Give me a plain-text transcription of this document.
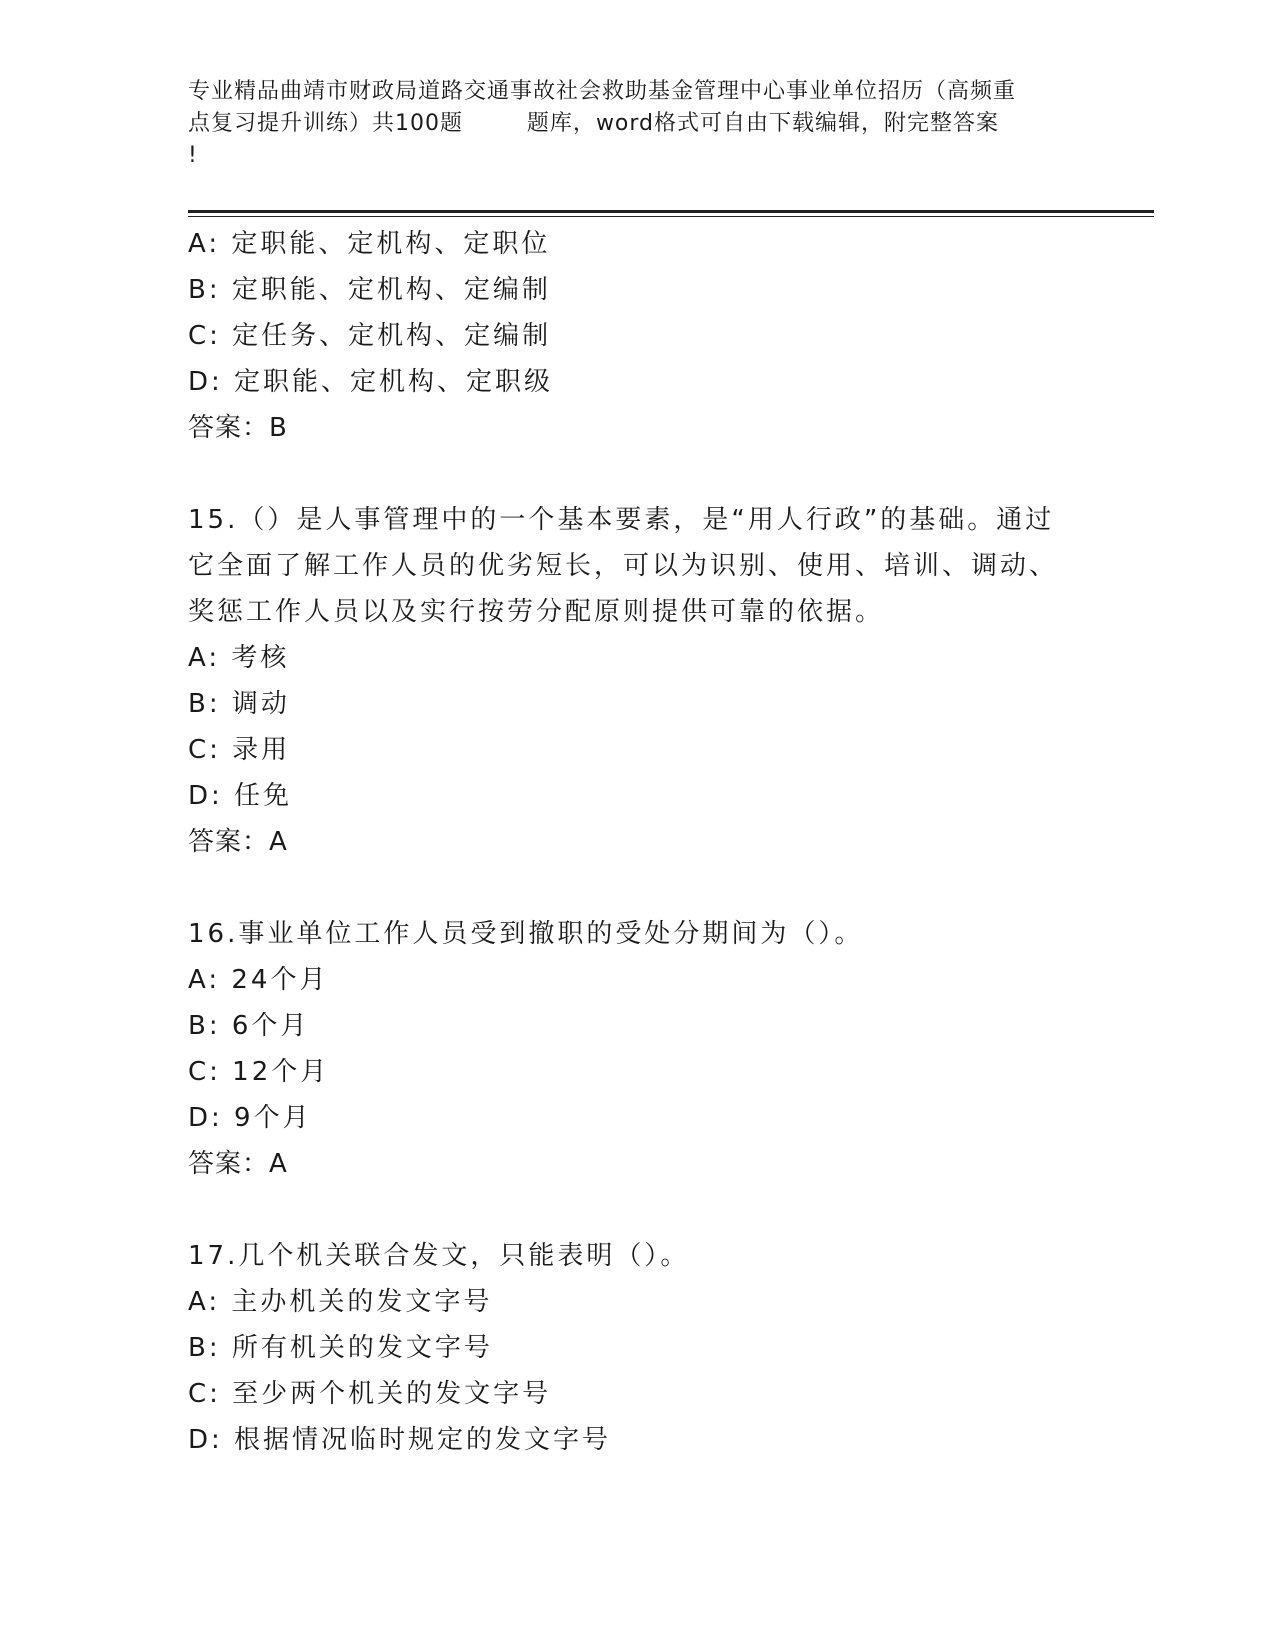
专业精品曲靖市财政局道路交通事故社会救助基金管理中心事业单位招历（高频重
点复习提升训练）共100题        题库，word格式可自由下载编辑，附完整答案
!
A: 定职能、定机构、定职位
B: 定职能、定机构、定编制
C: 定任务、定机构、定编制
D: 定职能、定机构、定职级
答案：B
15.（）是人事管理中的一个基本要素，是“用人行政”的基础。通过
它全面了解工作人员的优劣短长，可以为识别、使用、培训、调动、
奖惩工作人员以及实行按劳分配原则提供可靠的依据。
A: 考核
B: 调动
C: 录用
D: 任免
答案：A
16.事业单位工作人员受到撤职的受处分期间为（）。
A: 24个月
B: 6个月
C: 12个月
D: 9个月
答案：A
17.几个机关联合发文，只能表明（）。
A: 主办机关的发文字号
B: 所有机关的发文字号
C: 至少两个机关的发文字号
D: 根据情况临时规定的发文字号
